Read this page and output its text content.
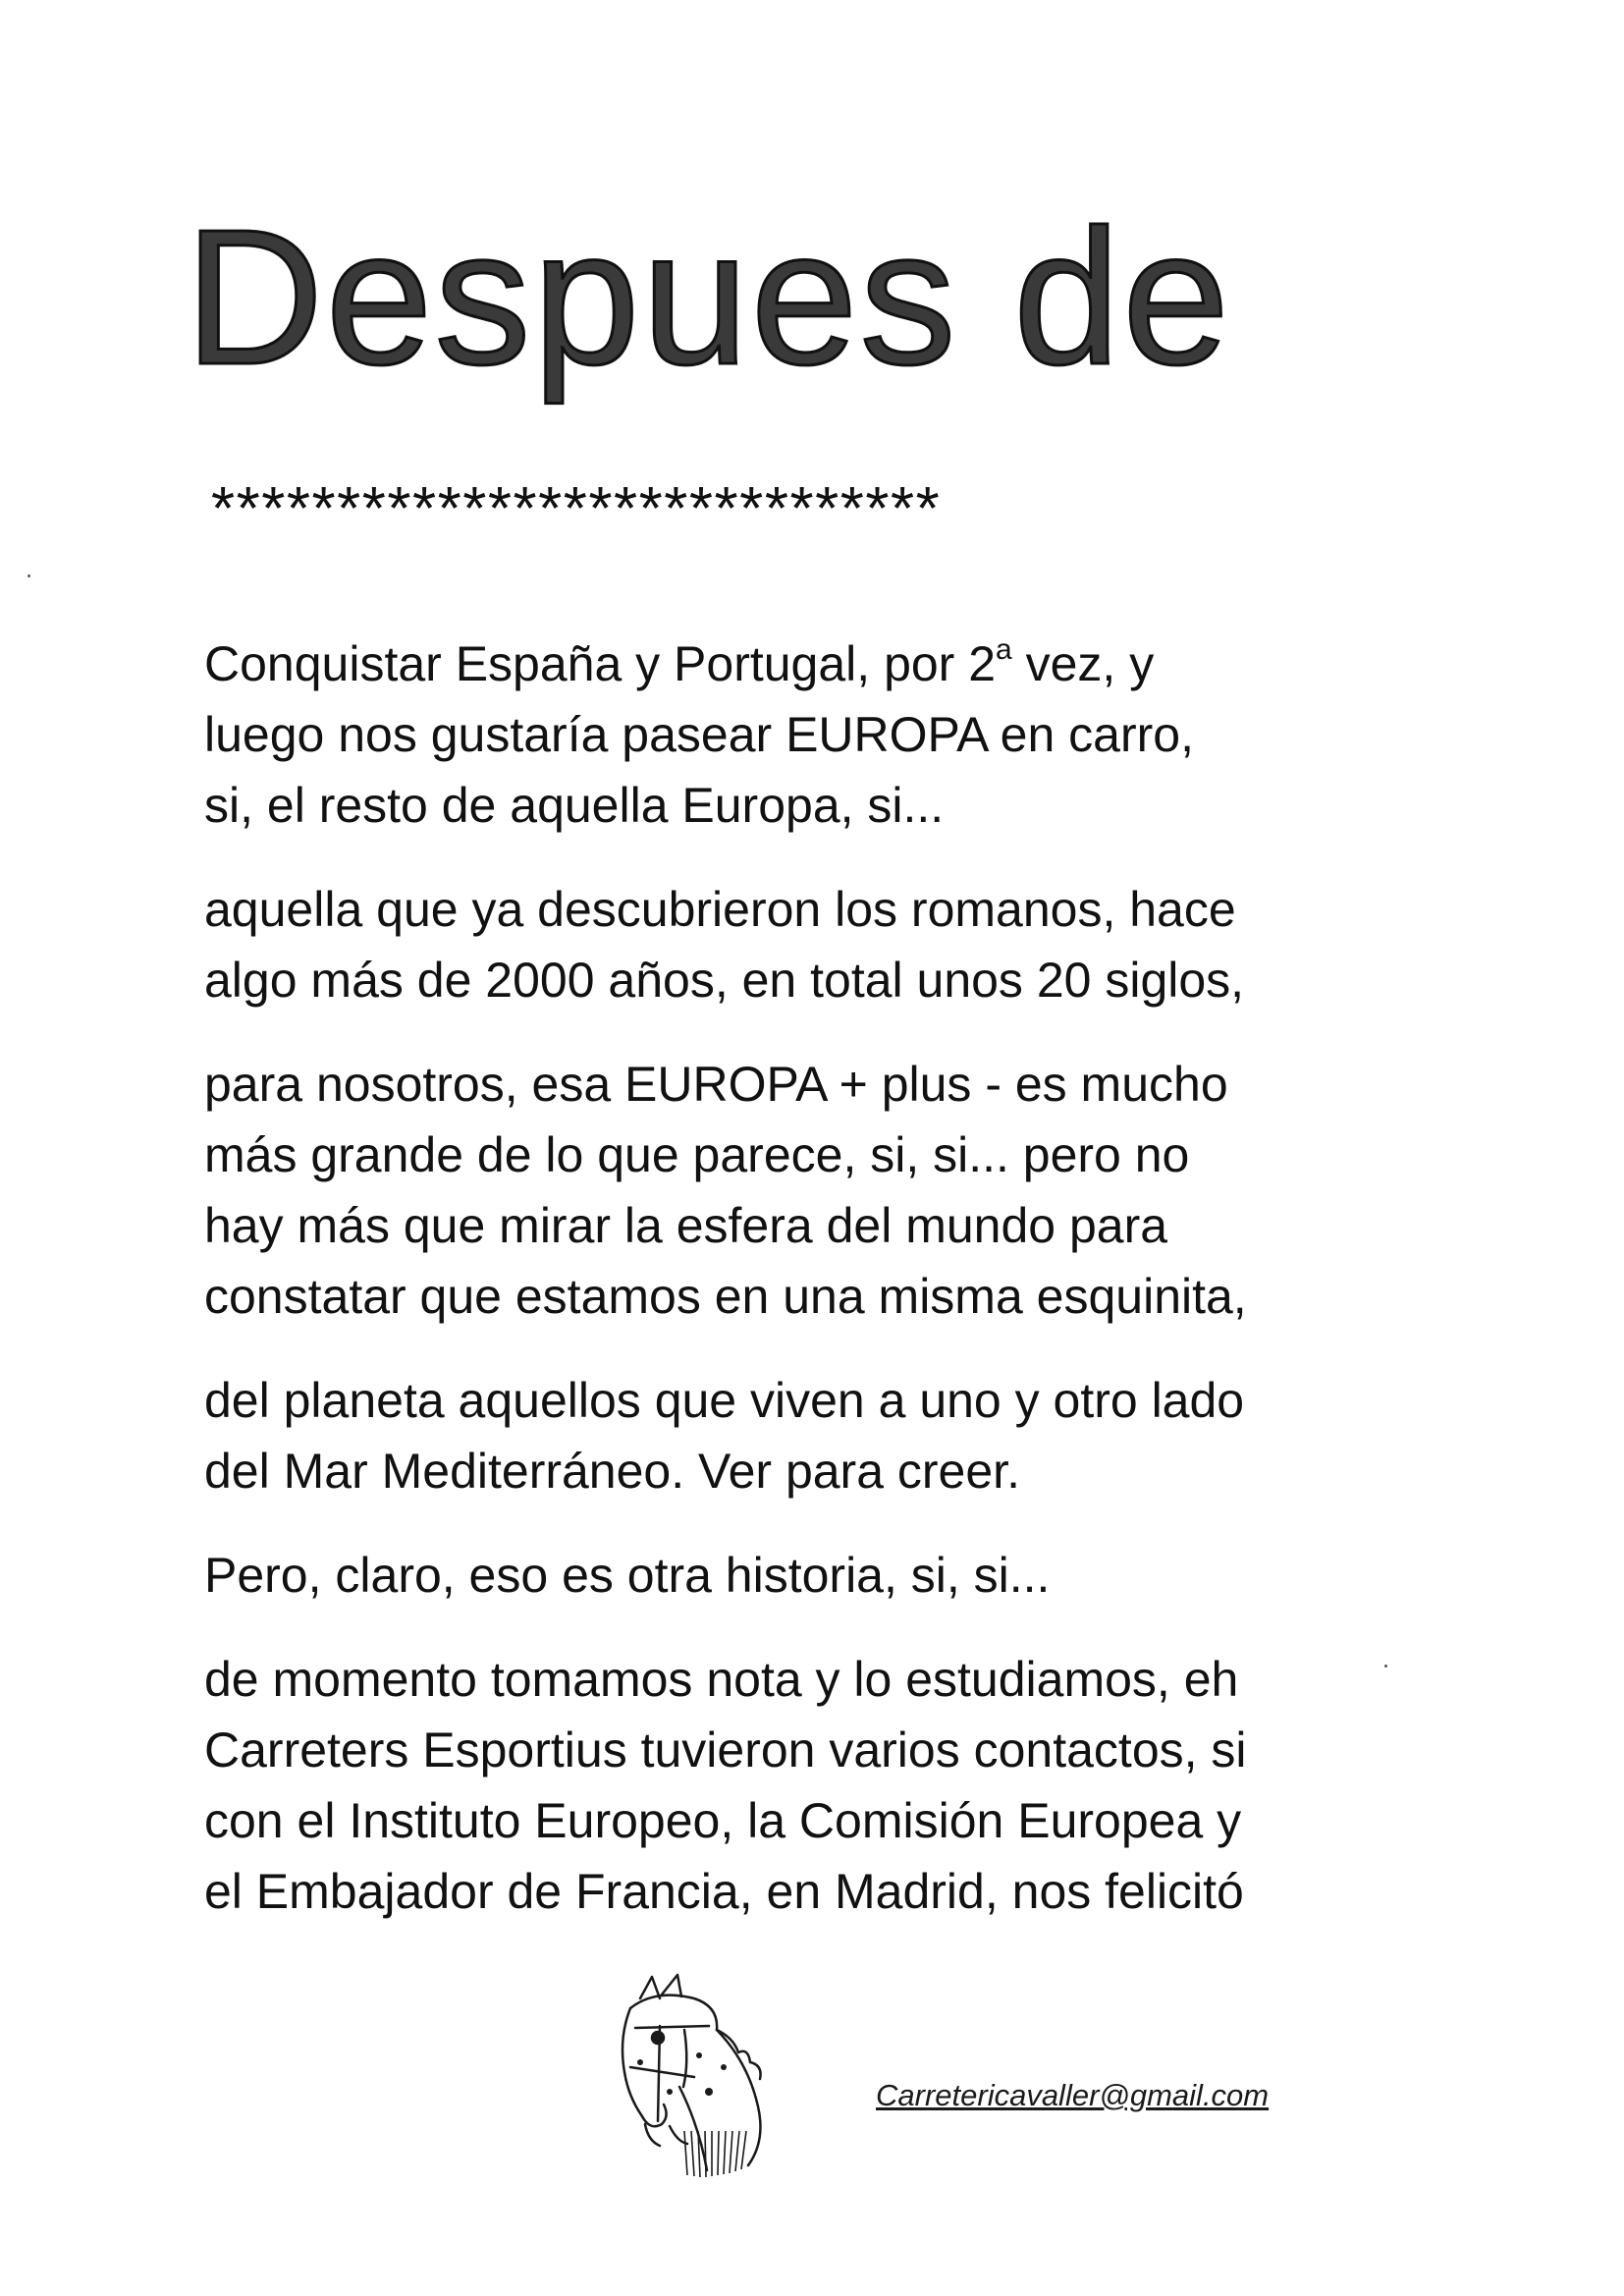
Despues de
*****************************

Conquistar España y Portugal, por 2$^a$ vez, y
luego nos gustaría pasear EUROPA en carro,
si, el resto de aquella Europa, si...

aquella que ya descubrieron los romanos, hace
algo más de 2000 años, en total unos 20 siglos,

para nosotros, esa EUROPA + plus - es mucho
más grande de lo que parece, si, si... pero no
hay más que mirar la esfera del mundo para
constatar que estamos en una misma esquinita,

del planeta aquellos que viven a uno y otro lado
del Mar Mediterráneo. Ver para creer.

Pero, claro, eso es otra historia, si, si...

de momento tomamos nota y lo estudiamos, eh
Carreters Esportius tuvieron varios contactos, si
con el Instituto Europeo, la Comisión Europea y
el Embajador de Francia, en Madrid, nos felicitó

Carretericavaller@gmail.com
